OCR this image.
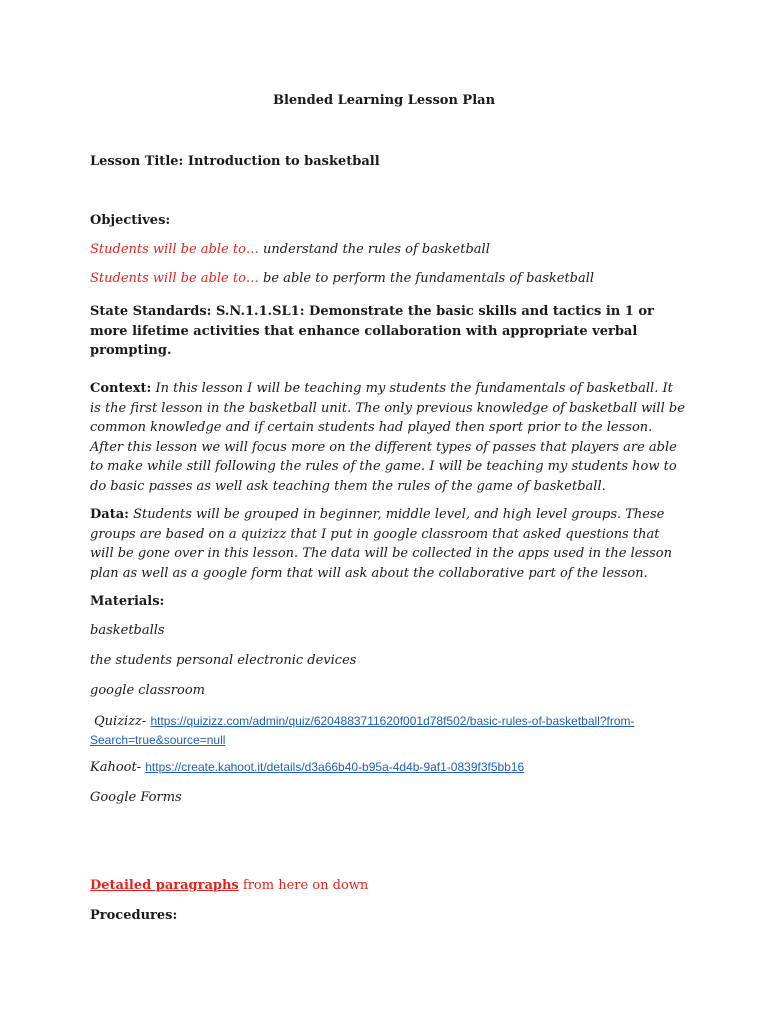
Blended Learning Lesson Plan
Lesson Title: Introduction to basketball
Objectives:
Students will be able to… understand the rules of basketball
Students will be able to… be able to perform the fundamentals of basketball
State Standards: S.N.1.1.SL1: Demonstrate the basic skills and tactics in 1 or more lifetime activities that enhance collaboration with appropriate verbal prompting.
Context: In this lesson I will be teaching my students the fundamentals of basketball. It is the first lesson in the basketball unit. The only previous knowledge of basketball will be common knowledge and if certain students had played then sport prior to the lesson. After this lesson we will focus more on the different types of passes that players are able to make while still following the rules of the game. I will be teaching my students how to do basic passes as well ask teaching them the rules of the game of basketball.
Data: Students will be grouped in beginner, middle level, and high level groups. These groups are based on a quizizz that I put in google classroom that asked questions that will be gone over in this lesson. The data will be collected in the apps used in the lesson plan as well as a google form that will ask about the collaborative part of the lesson.
Materials:
basketballs
the students personal electronic devices
google classroom
Quizizz- https://quizizz.com/admin/quiz/6204883711620f001d78f502/basic-rules-of-basketball?from-
Search=true&source=null
Kahoot- https://create.kahoot.it/details/d3a66b40-b95a-4d4b-9af1-0839f3f5bb16
Google Forms
Detailed paragraphs from here on down
Procedures:
